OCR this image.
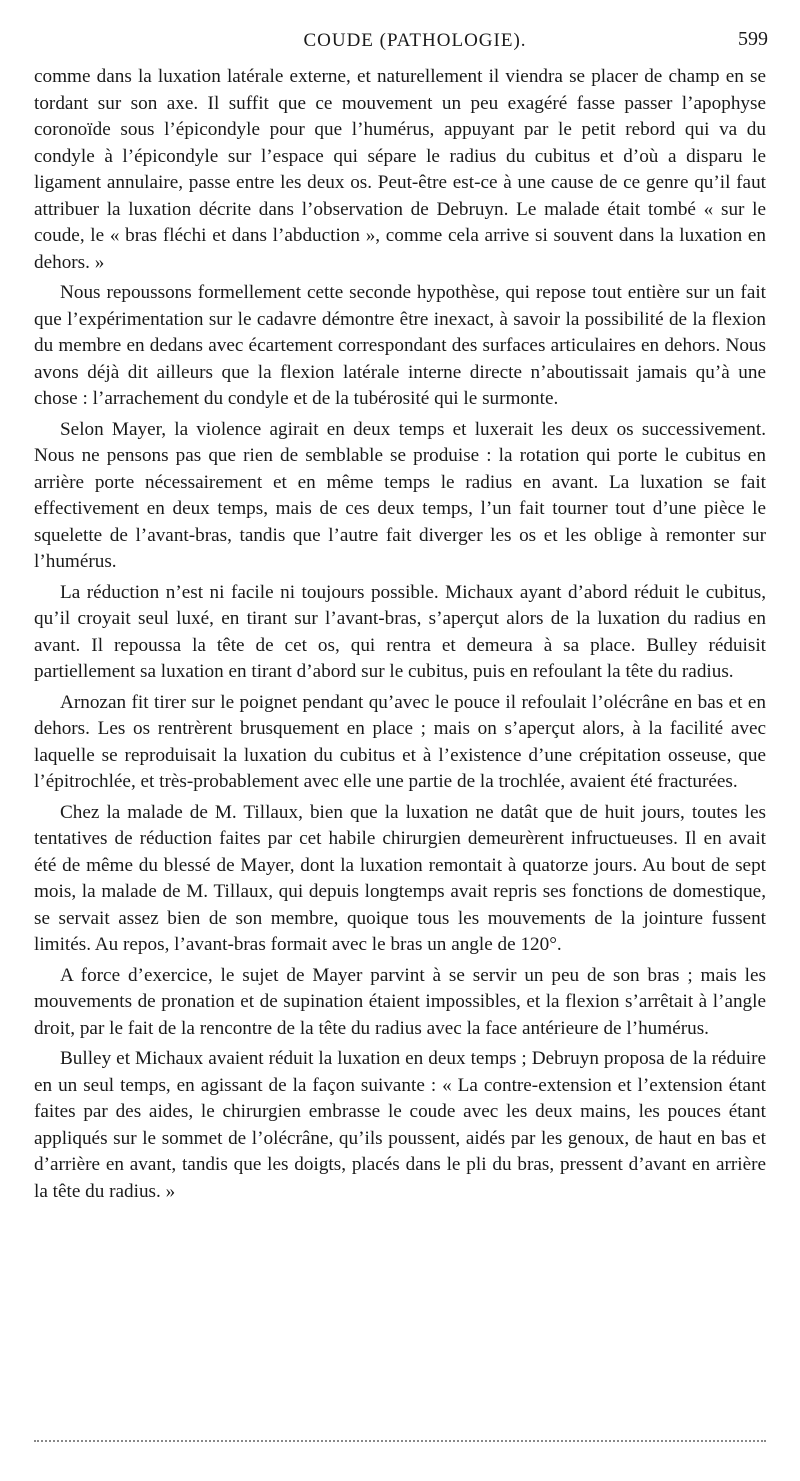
COUDE (PATHOLOGIE).	599

comme dans la luxation latérale externe, et naturellement il viendra se placer de champ en se tordant sur son axe. Il suffit que ce mouvement un peu exagéré fasse passer l’apophyse coronoïde sous l’épicondyle pour que l’humérus, appuyant par le petit rebord qui va du condyle à l’épicondyle sur l’espace qui sépare le radius du cubitus et d’où a disparu le ligament annulaire, passe entre les deux os. Peut-être est-ce à une cause de ce genre qu’il faut attribuer la luxation décrite dans l’observation de Debruyn. Le malade était tombé « sur le coude, le « bras fléchi et dans l’abduction », comme cela arrive si souvent dans la luxation en dehors. »

Nous repoussons formellement cette seconde hypothèse, qui repose tout entière sur un fait que l’expérimentation sur le cadavre démontre être inexact, à savoir la possibilité de la flexion du membre en dedans avec écartement correspondant des surfaces articulaires en dehors. Nous avons déjà dit ailleurs que la flexion latérale interne directe n’aboutissait jamais qu’à une chose : l’arrachement du condyle et de la tubérosité qui le surmonte.

Selon Mayer, la violence agirait en deux temps et luxerait les deux os successivement. Nous ne pensons pas que rien de semblable se produise : la rotation qui porte le cubitus en arrière porte nécessairement et en même temps le radius en avant. La luxation se fait effectivement en deux temps, mais de ces deux temps, l’un fait tourner tout d’une pièce le squelette de l’avant-bras, tandis que l’autre fait diverger les os et les oblige à remonter sur l’humérus.

La réduction n’est ni facile ni toujours possible. Michaux ayant d’abord réduit le cubitus, qu’il croyait seul luxé, en tirant sur l’avant-bras, s’aperçut alors de la luxation du radius en avant. Il repoussa la tête de cet os, qui rentra et demeura à sa place. Bulley réduisit partiellement sa luxation en tirant d’abord sur le cubitus, puis en refoulant la tête du radius.

Arnozan fit tirer sur le poignet pendant qu’avec le pouce il refoulait l’olécrâne en bas et en dehors. Les os rentrèrent brusquement en place ; mais on s’aperçut alors, à la facilité avec laquelle se reproduisait la luxation du cubitus et à l’existence d’une crépitation osseuse, que l’épitrochlée, et très-probablement avec elle une partie de la trochlée, avaient été fracturées.

Chez la malade de M. Tillaux, bien que la luxation ne datât que de huit jours, toutes les tentatives de réduction faites par cet habile chirurgien demeurèrent infructueuses. Il en avait été de même du blessé de Mayer, dont la luxation remontait à quatorze jours. Au bout de sept mois, la malade de M. Tillaux, qui depuis longtemps avait repris ses fonctions de domestique, se servait assez bien de son membre, quoique tous les mouvements de la jointure fussent limités. Au repos, l’avant-bras formait avec le bras un angle de 120°.

A force d’exercice, le sujet de Mayer parvint à se servir un peu de son bras ; mais les mouvements de pronation et de supination étaient impossibles, et la flexion s’arrêtait à l’angle droit, par le fait de la rencontre de la tête du radius avec la face antérieure de l’humérus.

Bulley et Michaux avaient réduit la luxation en deux temps ; Debruyn proposa de la réduire en un seul temps, en agissant de la façon suivante : « La contre-extension et l’extension étant faites par des aides, le chirurgien embrasse le coude avec les deux mains, les pouces étant appliqués sur le sommet de l’olécrâne, qu’ils poussent, aidés par les genoux, de haut en bas et d’arrière en avant, tandis que les doigts, placés dans le pli du bras, pressent d’avant en arrière la tête du radius. »
